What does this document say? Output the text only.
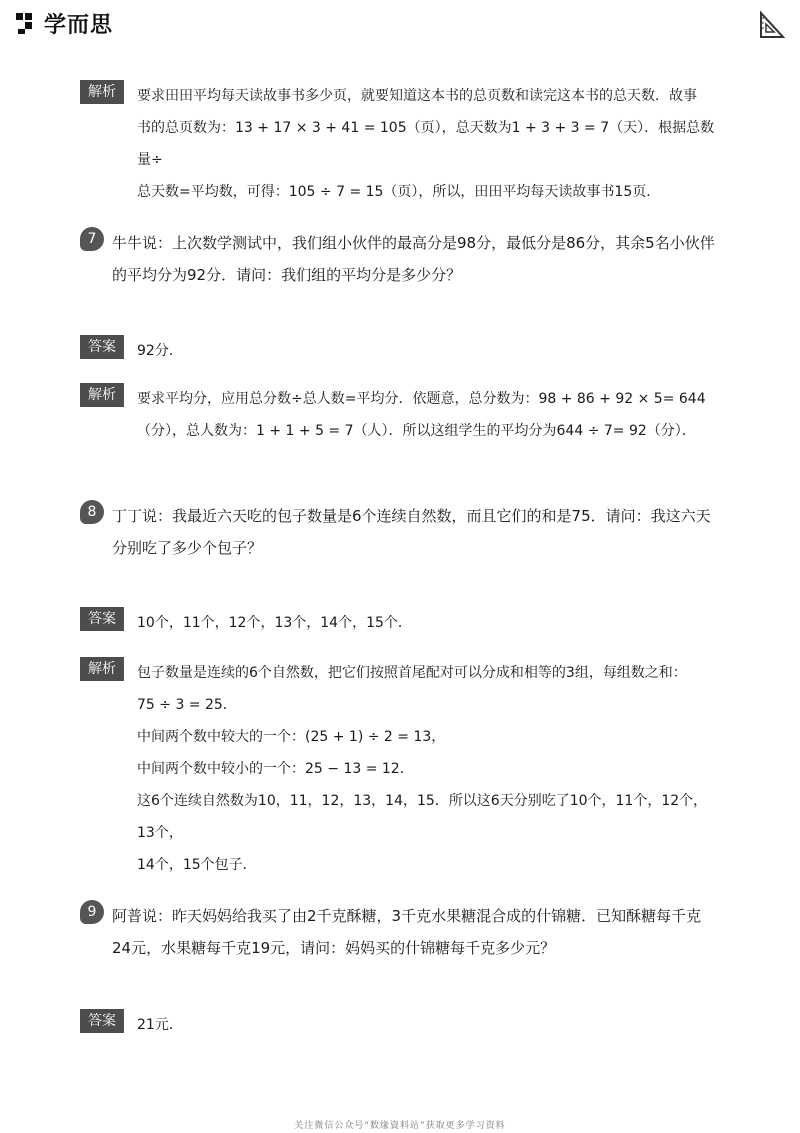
学而思
解析	要求田田平均每天读故事书多少页，就要知道这本书的总页数和读完这本书的总天数．故事

书的总页数为：13 + 17 × 3 + 41 = 105（页），总天数为1 + 3 + 3 = 7（天）．根据总数量÷

总天数=平均数，可得：105 ÷ 7 = 15（页），所以，田田平均每天读故事书15页．

7	牛牛说：上次数学测试中，我们组小伙伴的最高分是98分，最低分是86分，其余5名小伙伴

的平均分为92分．请问：我们组的平均分是多少分？

答案	92分．

解析	要求平均分，应用总分数÷总人数=平均分．依题意，总分数为：98 + 86 + 92 × 5= 644

（分），总人数为：1 + 1 + 5 = 7（人）．所以这组学生的平均分为644 ÷ 7= 92（分）．

8	丁丁说：我最近六天吃的包子数量是6个连续自然数，而且它们的和是75．请问：我这六天

分别吃了多少个包子？

答案	10个，11个，12个，13个，14个，15个．

解析	包子数量是连续的6个自然数，把它们按照首尾配对可以分成和相等的3组，每组数之和：

75 ÷ 3 = 25．

中间两个数中较大的一个：(25 + 1) ÷ 2 = 13，

中间两个数中较小的一个：25 − 13 = 12．

这6个连续自然数为10，11，12，13，14，15．所以这6天分别吃了10个，11个，12个，13个，

14个，15个包子．

9	阿普说：昨天妈妈给我买了由2千克酥糖，3千克水果糖混合成的什锦糖．已知酥糖每千克

24元，水果糖每千克19元，请问：妈妈买的什锦糖每千克多少元？

答案	21元．

关注微信公众号“数缘資料站”获取更多学习资料
